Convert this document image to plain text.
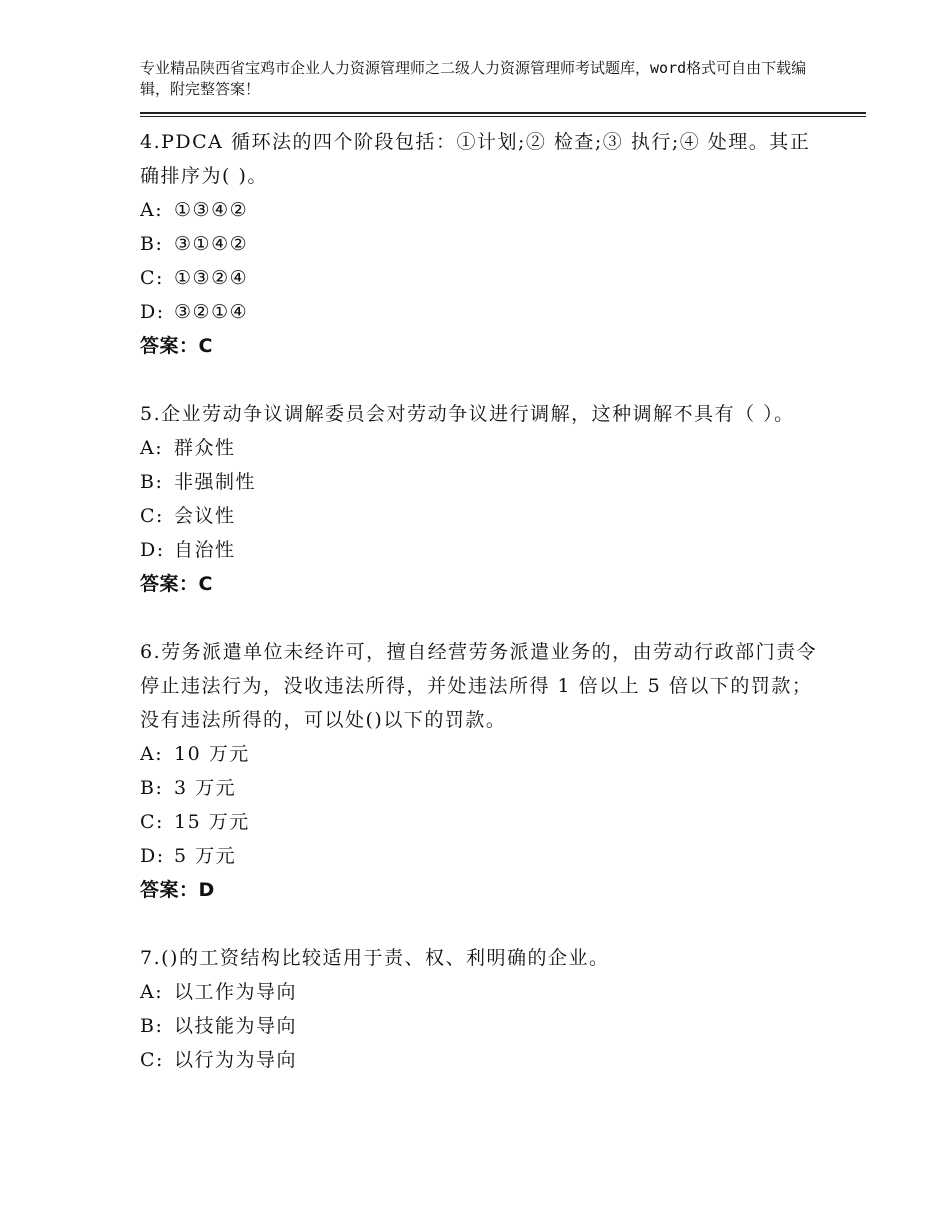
专业精品陕西省宝鸡市企业人力资源管理师之二级人力资源管理师考试题库，word格式可自由下载编辑，附完整答案！
4.PDCA 循环法的四个阶段包括：①计划;② 检查;③ 执行;④ 处理。其正确排序为( )。
A: ①③④②
B: ③①④②
C: ①③②④
D: ③②①④
答案：C
5.企业劳动争议调解委员会对劳动争议进行调解，这种调解不具有（ ）。
A: 群众性
B: 非强制性
C: 会议性
D: 自治性
答案：C
6.劳务派遣单位未经许可，擅自经营劳务派遣业务的，由劳动行政部门责令停止违法行为，没收违法所得，并处违法所得 1 倍以上 5 倍以下的罚款；没有违法所得的，可以处()以下的罚款。
A: 10 万元
B: 3 万元
C: 15 万元
D: 5 万元
答案：D
7.()的工资结构比较适用于责、权、利明确的企业。
A: 以工作为导向
B: 以技能为导向
C: 以行为为导向
